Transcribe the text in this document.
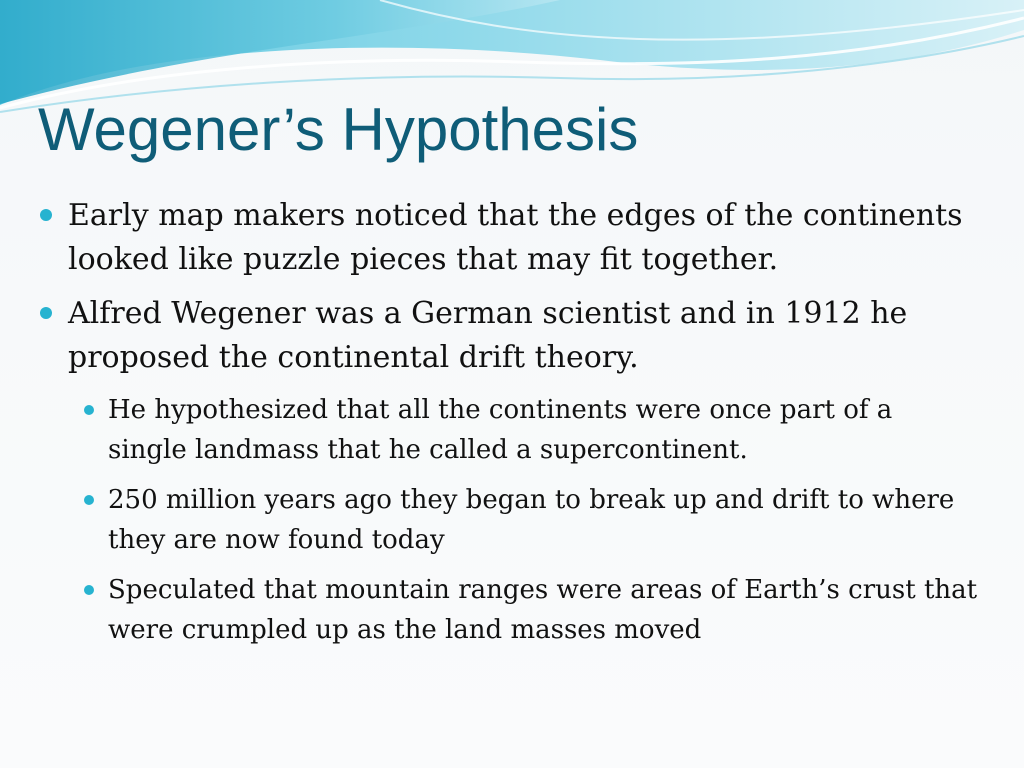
Wegener’s Hypothesis
Early map makers noticed that the edges of the continents looked like puzzle pieces that may fit together.
Alfred Wegener was a German scientist and in 1912 he proposed the continental drift theory.
He hypothesized that all the continents were once part of a single landmass that he called a supercontinent.
250 million years ago they began to break up and drift to where they are now found today
Speculated that mountain ranges were areas of Earth’s crust that were crumpled up as the land masses moved
